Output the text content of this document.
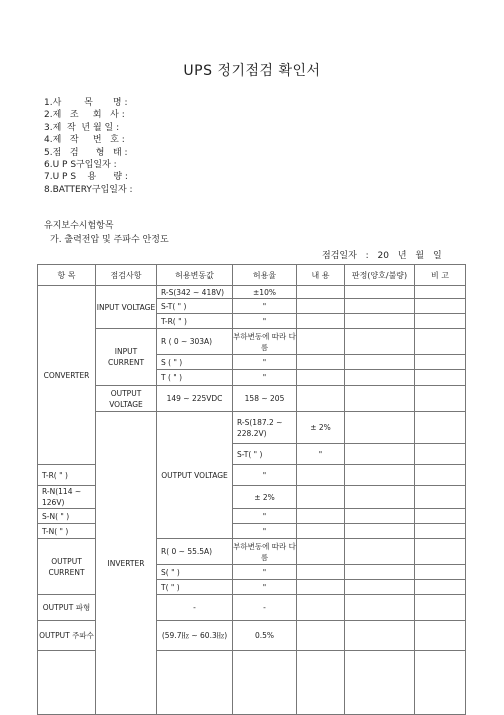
UPS 정기점검 확인서
1.사        목       명 :
2.제   조     회   사 :
3.제  작  년 월 일 :
4.제   작     번   호 :
5.점   검      형   태 :
6.U P S구입일자 :
7.U P S    용      량 :
8.BATTERY구입일자 :
유지보수시험항목
가. 출력전압 및 주파수 안정도
점검일자 : 20 년 월 일
항 목	점검사항	허용변동값	허용율	내 용	판정(양호/불량)	비 고	
CONVERTER	INPUT VOLTAGE	R-S(342 ~ 418V)	±10%				
		S-T( " )	"				
		T-R( " )	"				
	INPUT CURRENT	R ( 0 ~ 303A)	부하변동에 따라 다름				
		S ( " )	"				
		T ( " )	"				
	OUTPUT VOLTAGE	149 ~ 225VDC	158 ~ 205				
	INVERTER	OUTPUT VOLTAGE	R-S(187.2 ~ 228.2V)	± 2%			
			S-T( " )	"			
T-R( " )			"				
R-N(114 ~ 126V)			± 2%				
S-N( " )			"				
T-N( " )			"				
OUTPUT CURRENT		R( 0 ~ 55.5A)	부하변동에 따라 다름				
		S( " )	"				
		T( " )	"				
OUTPUT 파형		-	-				
OUTPUT 주파수		(59.7㎐ ~ 60.3㎐)	0.5%				
